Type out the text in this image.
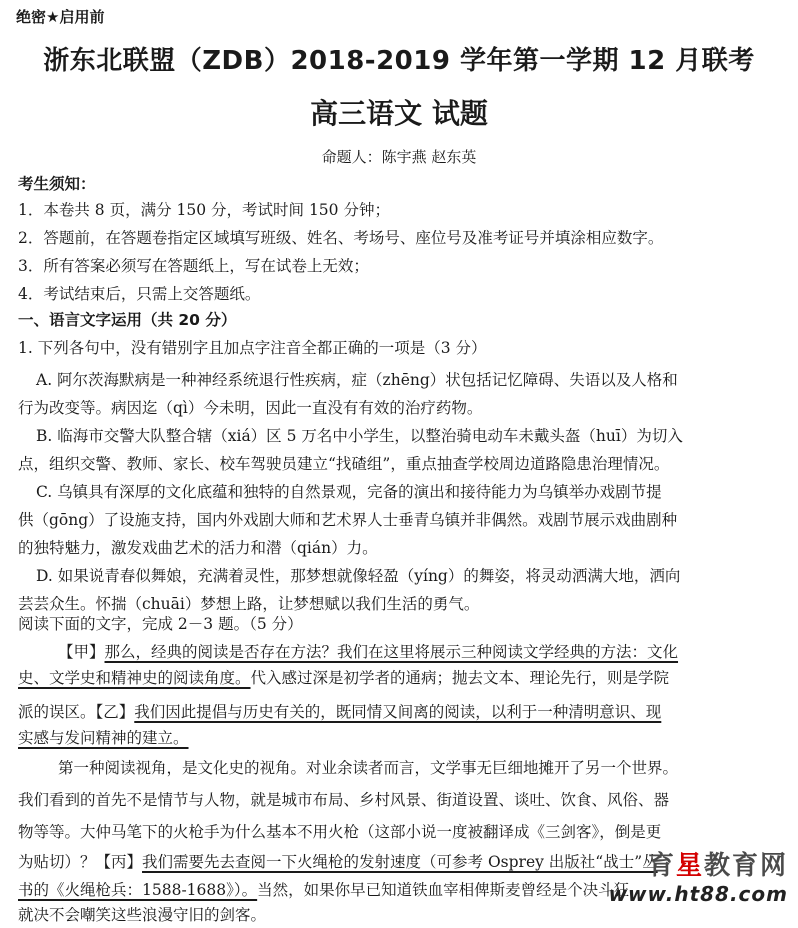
绝密★启用前
浙东北联盟（ZDB）2018-2019 学年第一学期 12 月联考
高三语文 试题
命题人：陈宇燕 赵东英
考生须知：
1．本卷共 8 页，满分 150 分，考试时间 150 分钟；
2．答题前，在答题卷指定区域填写班级、姓名、考场号、座位号及准考证号并填涂相应数字。
3．所有答案必须写在答题纸上，写在试卷上无效；
4．考试结束后，只需上交答题纸。
一、语言文字运用（共 20 分）
1. 下列各句中，没有错别字且加点字注音全都正确的一项是（3 分）
A. 阿尔茨海默病是一种神经系统退行性疾病，症（zhēng）状包括记忆障碍、失语以及人格和
行为改变等。病因迄（qì）今未明，因此一直没有有效的治疗药物。
B. 临海市交警大队整合辖（xiá）区 5 万名中小学生，以整治骑电动车未戴头盔（huī）为切入
点，组织交警、教师、家长、校车驾驶员建立“找碴组”，重点抽查学校周边道路隐患治理情况。
C. 乌镇具有深厚的文化底蕴和独特的自然景观，完备的演出和接待能力为乌镇举办戏剧节提
供（gōng）了设施支持，国内外戏剧大师和艺术界人士垂青乌镇并非偶然。戏剧节展示戏曲剧种
的独特魅力，激发戏曲艺术的活力和潜（qián）力。
D. 如果说青春似舞娘，充满着灵性，那梦想就像轻盈（yíng）的舞姿，将灵动洒满大地，洒向
芸芸众生。怀揣（chuāi）梦想上路，让梦想赋以我们生活的勇气。
阅读下面的文字，完成 2－3 题。（5 分）
【甲】那么，经典的阅读是否存在方法？我们在这里将展示三种阅读文学经典的方法：文化
史、文学史和精神史的阅读角度。代入感过深是初学者的通病；抛去文本、理论先行，则是学院
派的误区。【乙】我们因此提倡与历史有关的，既同情又间离的阅读，以利于一种清明意识、现
实感与发问精神的建立。
第一种阅读视角，是文化史的视角。对业余读者而言，文学事无巨细地摊开了另一个世界。
我们看到的首先不是情节与人物，就是城市布局、乡村风景、街道设置、谈吐、饮食、风俗、器
物等等。大仲马笔下的火枪手为什么基本不用火枪（这部小说一度被翻译成《三剑客》，倒是更
为贴切）？【丙】我们需要先去查阅一下火绳枪的发射速度（可参考 Osprey 出版社“战士”丛
书的《火绳枪兵：1588-1688》）。当然，如果你早已知道铁血宰相俾斯麦曾经是个决斗狂
就决不会嘲笑这些浪漫守旧的剑客。
育星教育网
www.ht88.com
